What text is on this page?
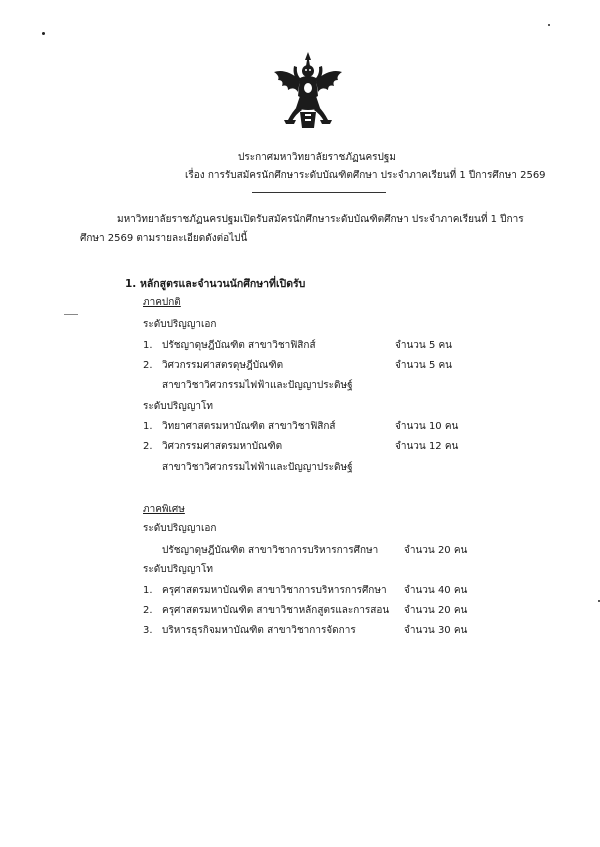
ประกาศมหาวิทยาลัยราชภัฏนครปฐม
เรื่อง การรับสมัครนักศึกษาระดับบัณฑิตศึกษา ประจำภาคเรียนที่ 1 ปีการศึกษา 2569
มหาวิทยาลัยราชภัฏนครปฐมเปิดรับสมัครนักศึกษาระดับบัณฑิตศึกษา ประจำภาคเรียนที่ 1 ปีการ
ศึกษา 2569 ตามรายละเอียดดังต่อไปนี้
1. หลักสูตรและจำนวนนักศึกษาที่เปิดรับ
ภาคปกติ
ระดับปริญญาเอก
1. ปรัชญาดุษฎีบัณฑิต สาขาวิชาฟิสิกส์	จำนวน 5 คน
2. วิศวกรรมศาสตรดุษฎีบัณฑิต	จำนวน 5 คน
สาขาวิชาวิศวกรรมไฟฟ้าและปัญญาประดิษฐ์
ระดับปริญญาโท
1. วิทยาศาสตรมหาบัณฑิต สาขาวิชาฟิสิกส์	จำนวน 10 คน
2. วิศวกรรมศาสตรมหาบัณฑิต	จำนวน 12 คน
สาขาวิชาวิศวกรรมไฟฟ้าและปัญญาประดิษฐ์
ภาคพิเศษ
ระดับปริญญาเอก
ปรัชญาดุษฎีบัณฑิต สาขาวิชาการบริหารการศึกษา	จำนวน 20 คน
ระดับปริญญาโท
1. ครุศาสตรมหาบัณฑิต สาขาวิชาการบริหารการศึกษา จำนวน 40 คน
2. ครุศาสตรมหาบัณฑิต สาขาวิชาหลักสูตรและการสอน จำนวน 20 คน
3. บริหารธุรกิจมหาบัณฑิต สาขาวิชาการจัดการ	จำนวน 30 คน
